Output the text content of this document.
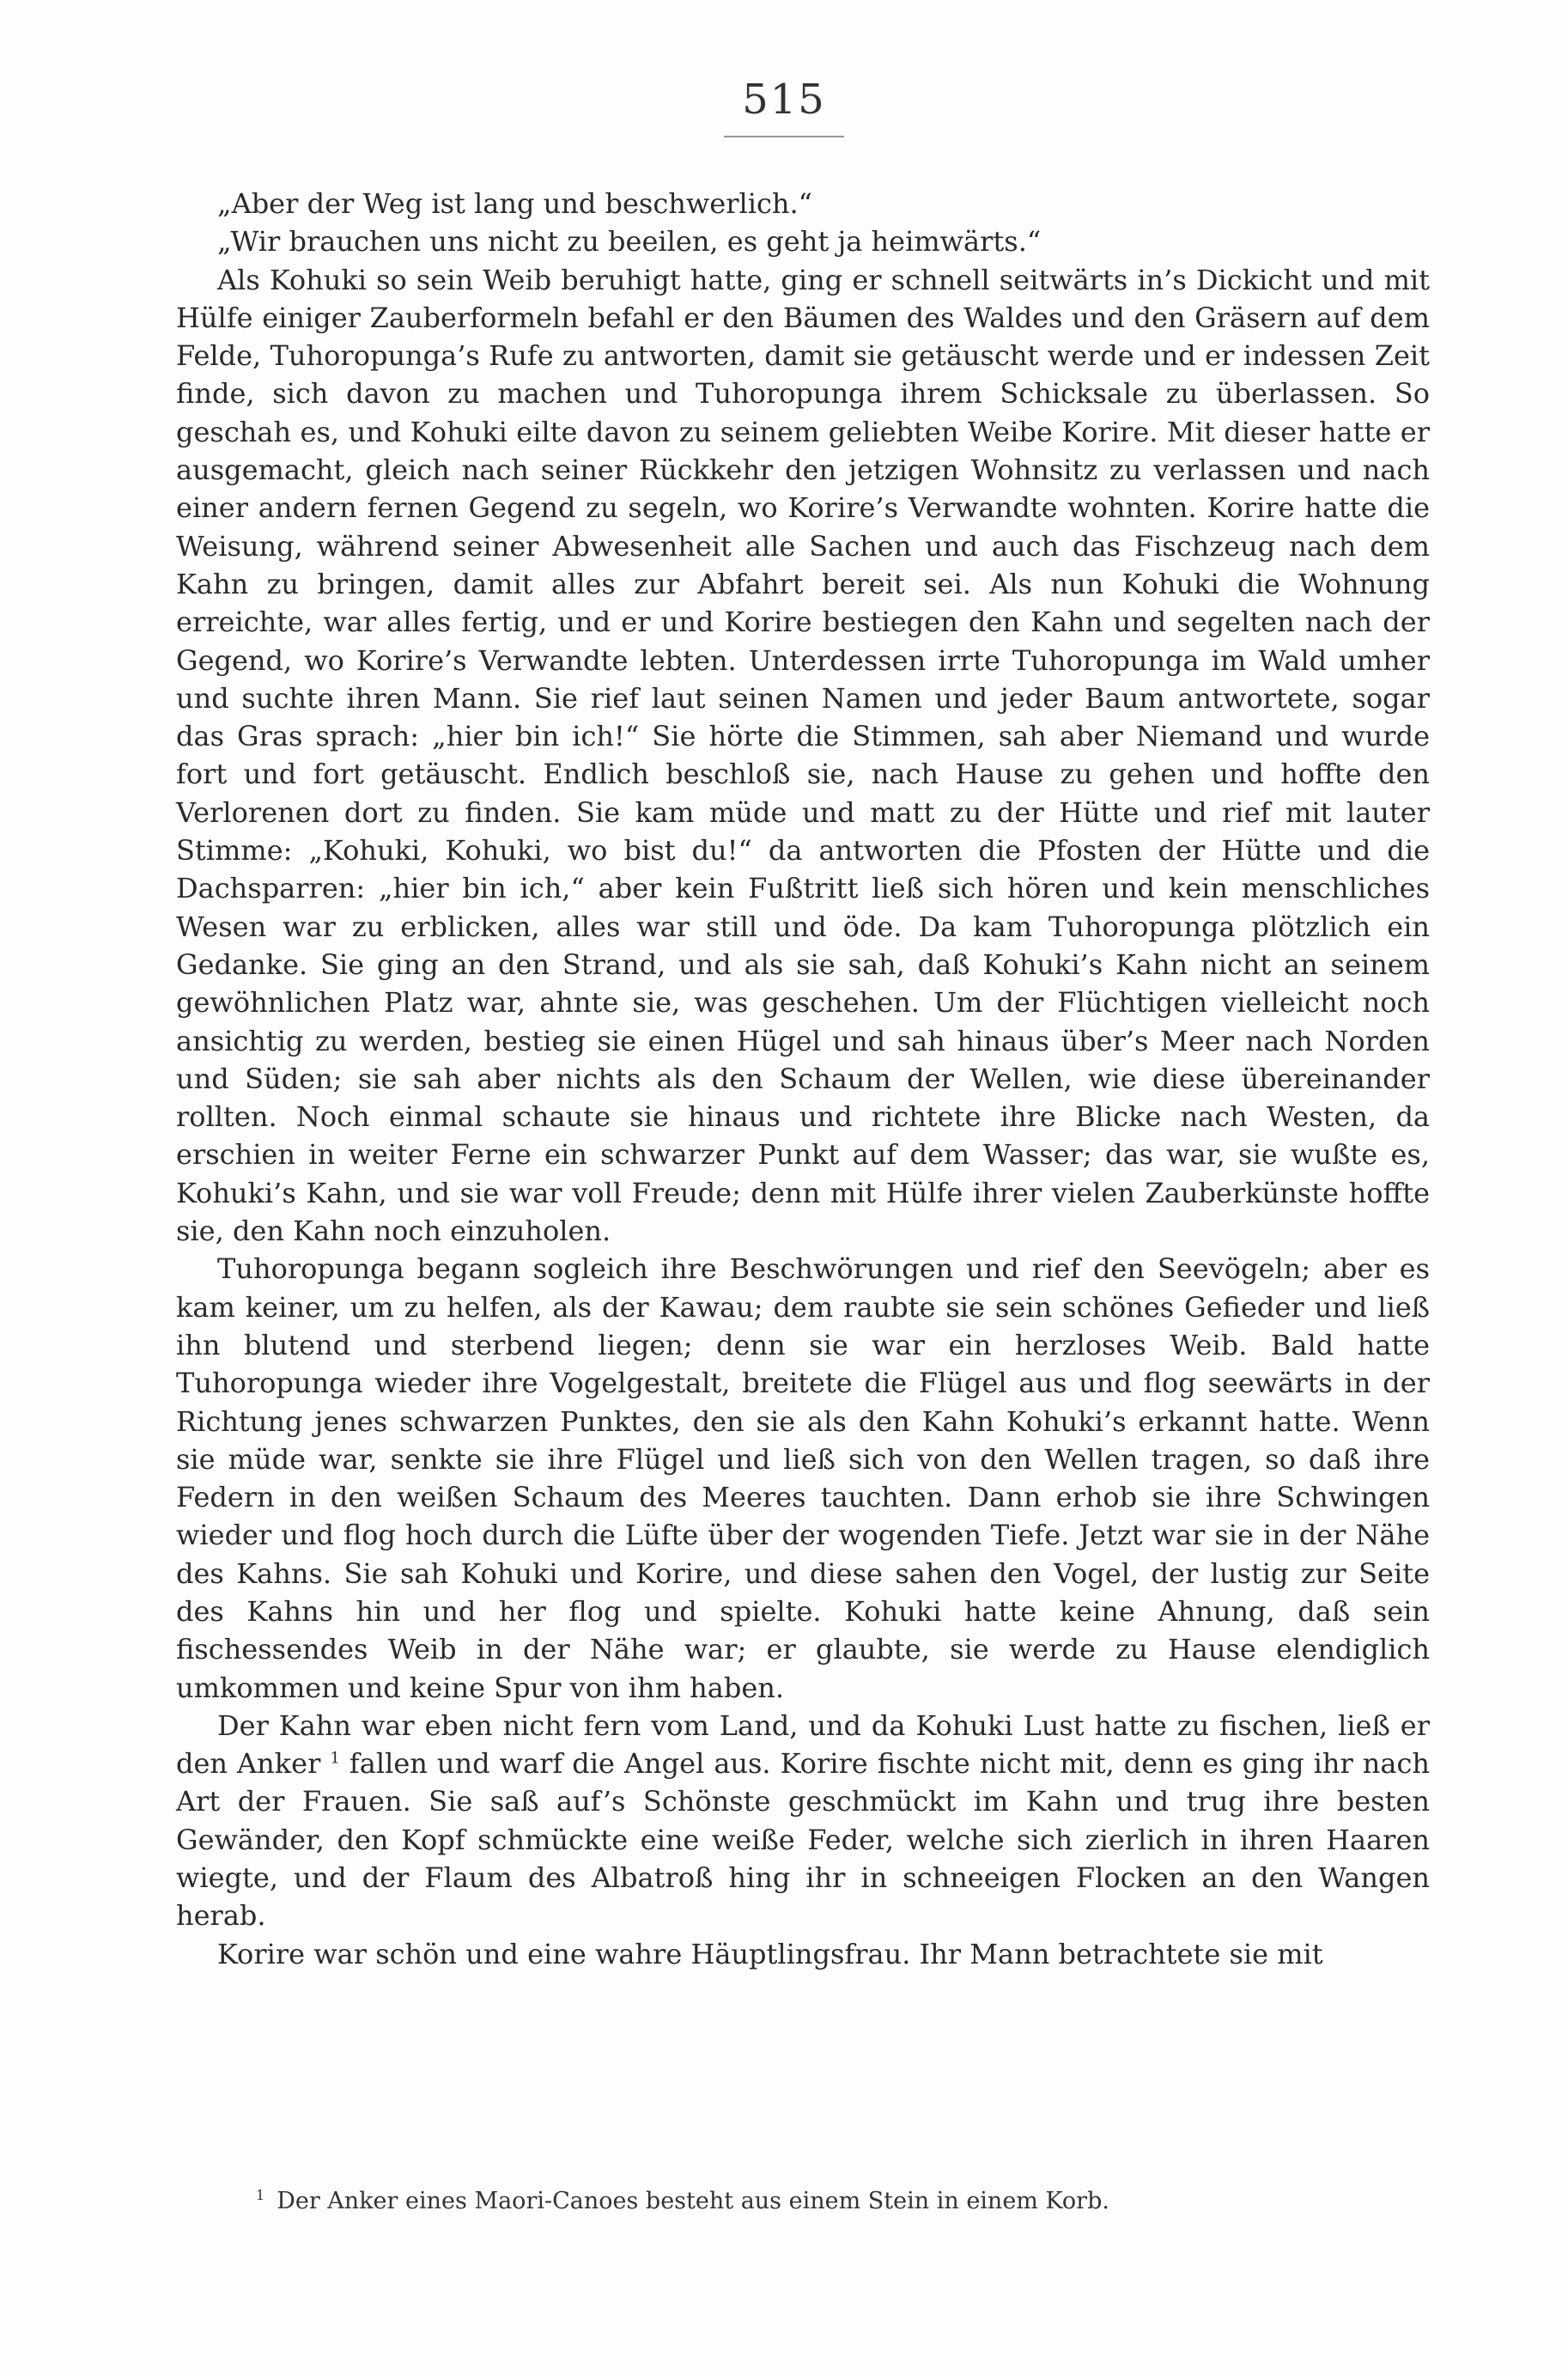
515

„Aber der Weg ist lang und beschwerlich.“

„Wir brauchen uns nicht zu beeilen, es geht ja heimwärts.“

Als Kohuki so sein Weib beruhigt hatte, ging er schnell seitwärts in’s Dickicht und mit Hülfe einiger Zauberformeln befahl er den Bäumen des Waldes und den Gräsern auf dem Felde, Tuhoropunga’s Rufe zu antworten, damit sie getäuscht werde und er indessen Zeit finde, sich davon zu machen und Tuhoropunga ihrem Schicksale zu überlassen. So geschah es, und Kohuki eilte davon zu seinem geliebten Weibe Korire. Mit dieser hatte er ausgemacht, gleich nach seiner Rückkehr den jetzigen Wohnsitz zu verlassen und nach einer andern fernen Gegend zu segeln, wo Korire’s Verwandte wohnten. Korire hatte die Weisung, während seiner Abwesenheit alle Sachen und auch das Fischzeug nach dem Kahn zu bringen, damit alles zur Abfahrt bereit sei. Als nun Kohuki die Wohnung erreichte, war alles fertig, und er und Korire bestiegen den Kahn und segelten nach der Gegend, wo Korire’s Verwandte lebten. Unterdessen irrte Tuhoropunga im Wald umher und suchte ihren Mann. Sie rief laut seinen Namen und jeder Baum antwortete, sogar das Gras sprach: „hier bin ich!“ Sie hörte die Stimmen, sah aber Niemand und wurde fort und fort getäuscht. Endlich beschloß sie, nach Hause zu gehen und hoffte den Verlorenen dort zu finden. Sie kam müde und matt zu der Hütte und rief mit lauter Stimme: „Kohuki, Kohuki, wo bist du!“ da antworten die Pfosten der Hütte und die Dachsparren: „hier bin ich,“ aber kein Fußtritt ließ sich hören und kein menschliches Wesen war zu erblicken, alles war still und öde. Da kam Tuhoropunga plötzlich ein Gedanke. Sie ging an den Strand, und als sie sah, daß Kohuki’s Kahn nicht an seinem gewöhnlichen Platz war, ahnte sie, was geschehen. Um der Flüchtigen vielleicht noch ansichtig zu werden, bestieg sie einen Hügel und sah hinaus über’s Meer nach Norden und Süden; sie sah aber nichts als den Schaum der Wellen, wie diese übereinander rollten. Noch einmal schaute sie hinaus und richtete ihre Blicke nach Westen, da erschien in weiter Ferne ein schwarzer Punkt auf dem Wasser; das war, sie wußte es, Kohuki’s Kahn, und sie war voll Freude; denn mit Hülfe ihrer vielen Zauberkünste hoffte sie, den Kahn noch einzuholen.

Tuhoropunga begann sogleich ihre Beschwörungen und rief den Seevögeln; aber es kam keiner, um zu helfen, als der Kawau; dem raubte sie sein schönes Gefieder und ließ ihn blutend und sterbend liegen; denn sie war ein herzloses Weib. Bald hatte Tuhoropunga wieder ihre Vogelgestalt, breitete die Flügel aus und flog seewärts in der Richtung jenes schwarzen Punktes, den sie als den Kahn Kohuki’s erkannt hatte. Wenn sie müde war, senkte sie ihre Flügel und ließ sich von den Wellen tragen, so daß ihre Federn in den weißen Schaum des Meeres tauchten. Dann erhob sie ihre Schwingen wieder und flog hoch durch die Lüfte über der wogenden Tiefe. Jetzt war sie in der Nähe des Kahns. Sie sah Kohuki und Korire, und diese sahen den Vogel, der lustig zur Seite des Kahns hin und her flog und spielte. Kohuki hatte keine Ahnung, daß sein fischessendes Weib in der Nähe war; er glaubte, sie werde zu Hause elendiglich umkommen und keine Spur von ihm haben.

Der Kahn war eben nicht fern vom Land, und da Kohuki Lust hatte zu fischen, ließ er den Anker $^1$ fallen und warf die Angel aus. Korire fischte nicht mit, denn es ging ihr nach Art der Frauen. Sie saß auf’s Schönste geschmückt im Kahn und trug ihre besten Gewänder, den Kopf schmückte eine weiße Feder, welche sich zierlich in ihren Haaren wiegte, und der Flaum des Albatroß hing ihr in schneeigen Flocken an den Wangen herab.

Korire war schön und eine wahre Häuptlingsfrau. Ihr Mann betrachtete sie mit

$^1$ Der Anker eines Maori-Canoes besteht aus einem Stein in einem Korb.
